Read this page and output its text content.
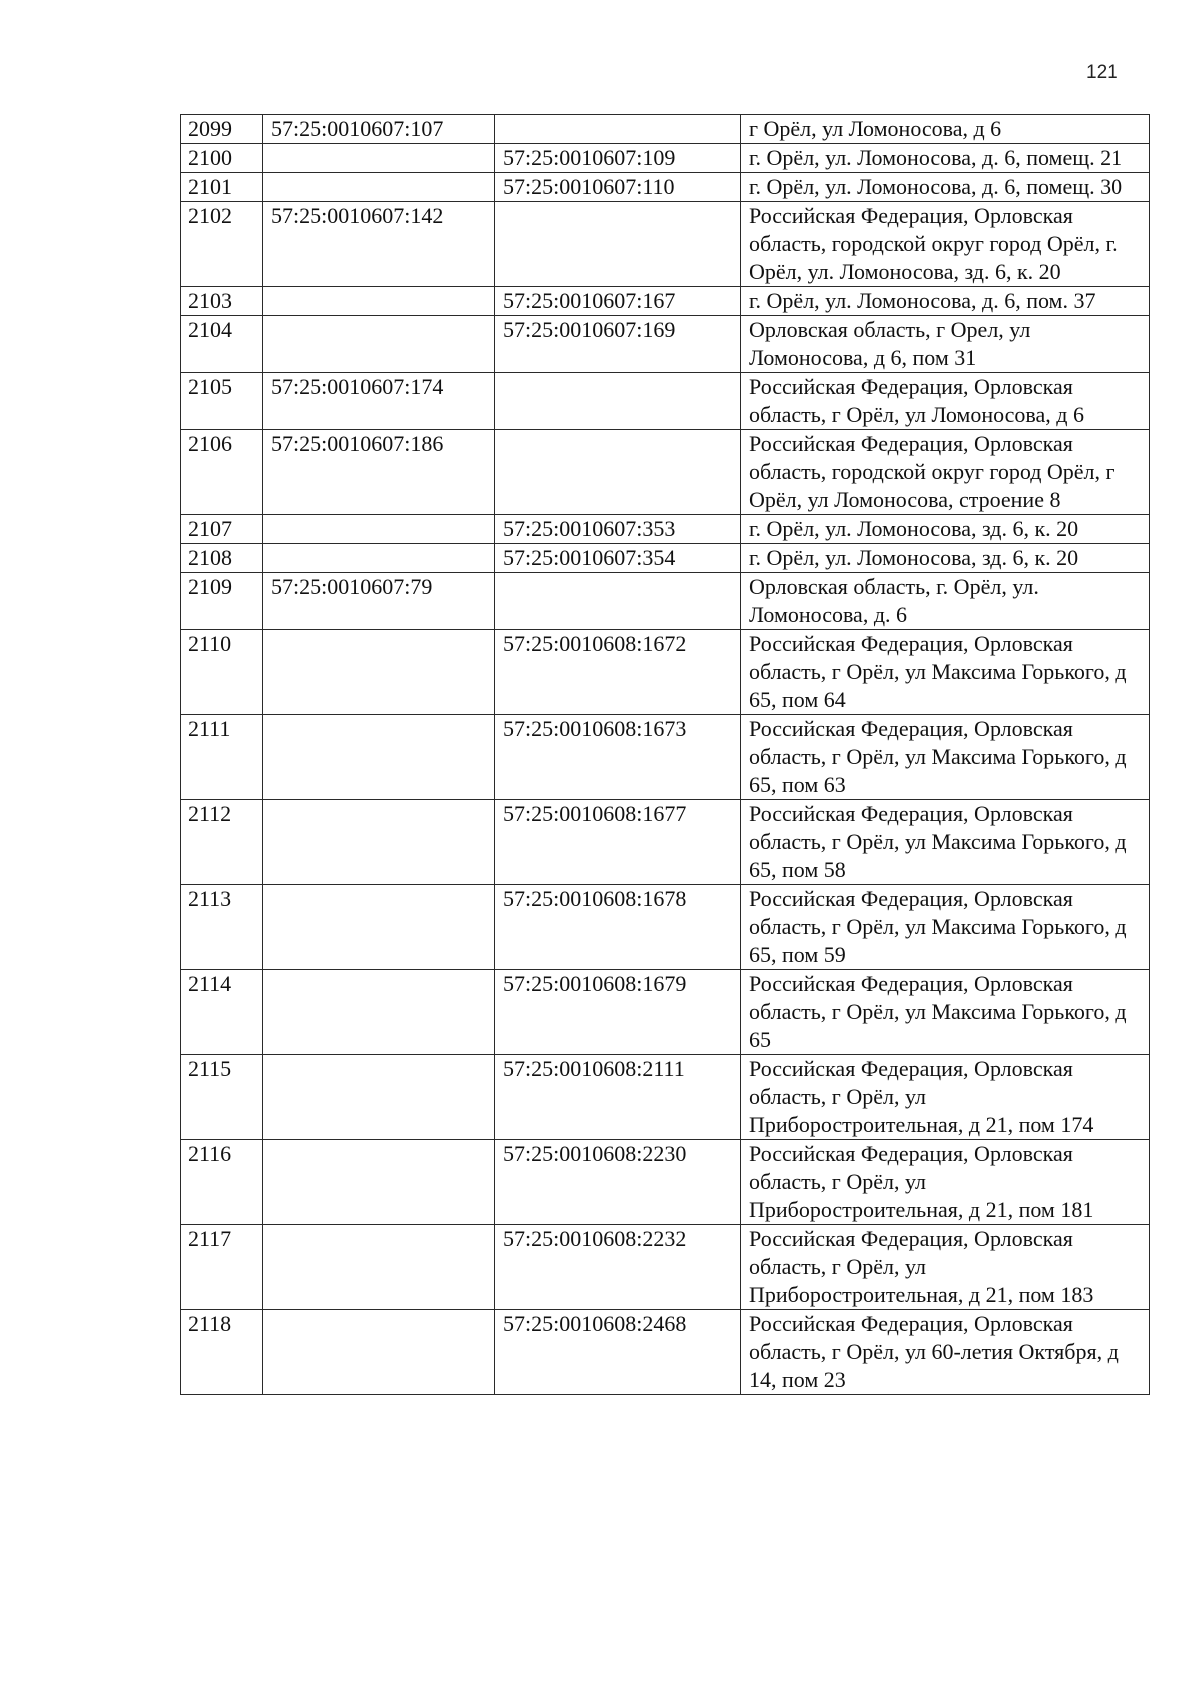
121
2099	57:25:0010607:107		г Орёл, ул Ломоносова, д 6
2100		57:25:0010607:109	г. Орёл, ул. Ломоносова, д. 6, помещ. 21
2101		57:25:0010607:110	г. Орёл, ул. Ломоносова, д. 6, помещ. 30
2102	57:25:0010607:142		Российская Федерация, Орловская область, городской округ город Орёл, г. Орёл, ул. Ломоносова, зд. 6, к. 20
2103		57:25:0010607:167	г. Орёл, ул. Ломоносова, д. 6, пом. 37
2104		57:25:0010607:169	Орловская область, г Орел, ул Ломоносова, д 6, пом 31
2105	57:25:0010607:174		Российская Федерация, Орловская область, г Орёл, ул Ломоносова, д 6
2106	57:25:0010607:186		Российская Федерация, Орловская область, городской округ город Орёл, г Орёл, ул Ломоносова, строение 8
2107		57:25:0010607:353	г. Орёл, ул. Ломоносова, зд. 6, к. 20
2108		57:25:0010607:354	г. Орёл, ул. Ломоносова, зд. 6, к. 20
2109	57:25:0010607:79		Орловская область, г. Орёл, ул. Ломоносова, д. 6
2110		57:25:0010608:1672	Российская Федерация, Орловская область, г Орёл, ул Максима Горького, д 65, пом 64
2111		57:25:0010608:1673	Российская Федерация, Орловская область, г Орёл, ул Максима Горького, д 65, пом 63
2112		57:25:0010608:1677	Российская Федерация, Орловская область, г Орёл, ул Максима Горького, д 65, пом 58
2113		57:25:0010608:1678	Российская Федерация, Орловская область, г Орёл, ул Максима Горького, д 65, пом 59
2114		57:25:0010608:1679	Российская Федерация, Орловская область, г Орёл, ул Максима Горького, д 65
2115		57:25:0010608:2111	Российская Федерация, Орловская область, г Орёл, ул Приборостроительная, д 21, пом 174
2116		57:25:0010608:2230	Российская Федерация, Орловская область, г Орёл, ул Приборостроительная, д 21, пом 181
2117		57:25:0010608:2232	Российская Федерация, Орловская область, г Орёл, ул Приборостроительная, д 21, пом 183
2118		57:25:0010608:2468	Российская Федерация, Орловская область, г Орёл, ул 60-летия Октября, д 14, пом 23
